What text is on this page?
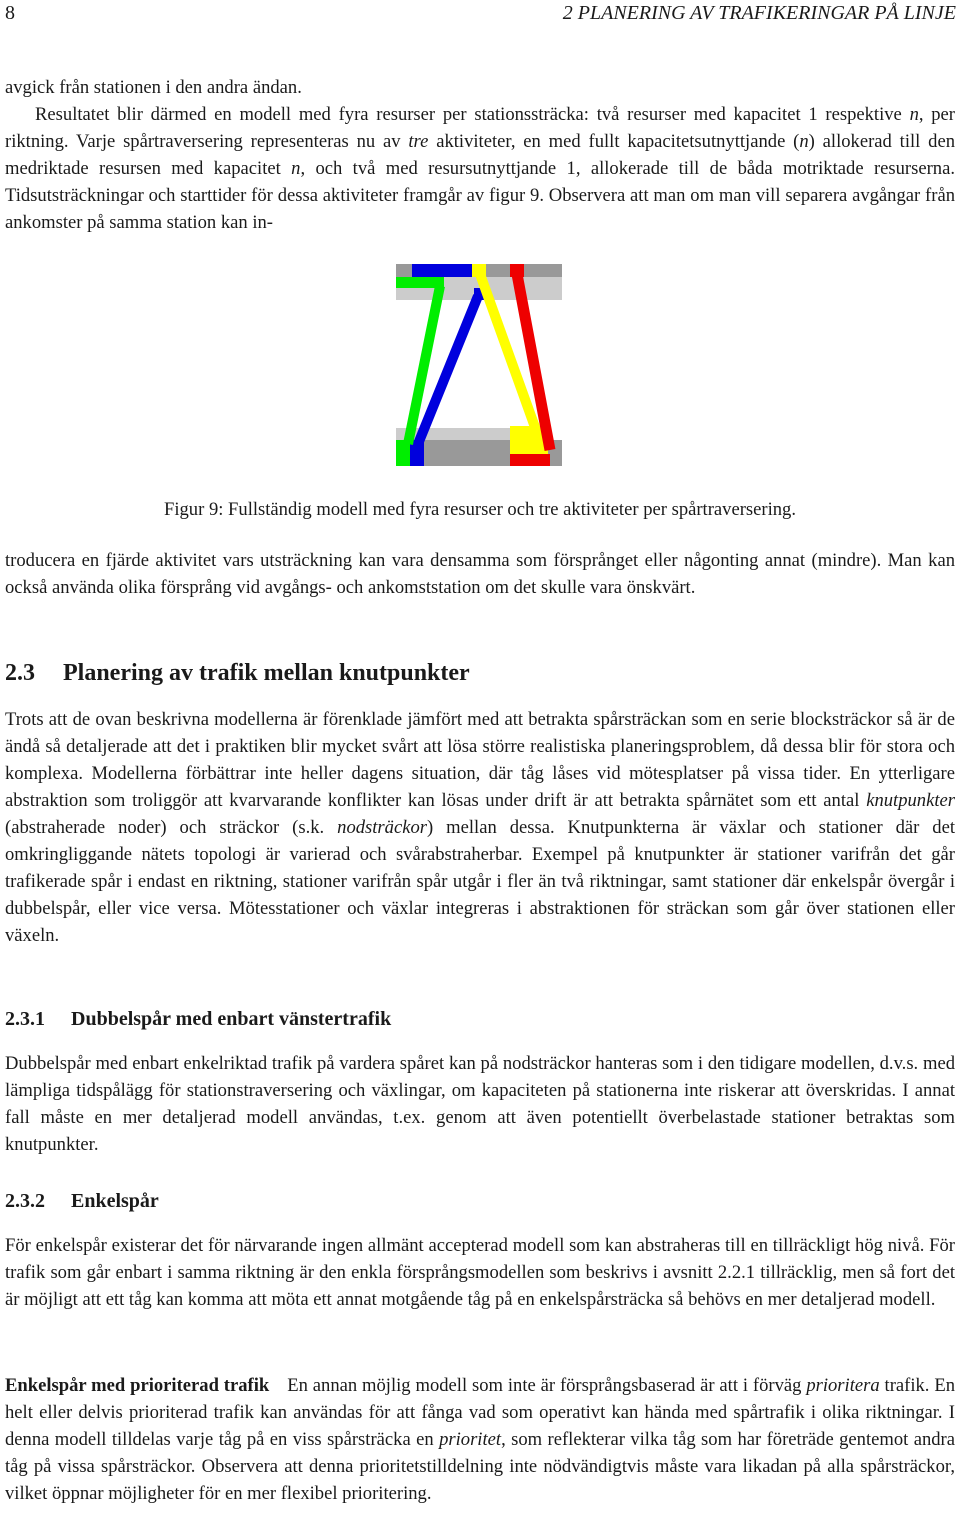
8	2 PLANERING AV TRAFIKERINGAR PÅ LINJE
avgick från stationen i den andra ändan.
Resultatet blir därmed en modell med fyra resurser per stationssträcka: två resurser med kapacitet 1 respektive n, per riktning. Varje spårtraversering representeras nu av tre aktiviteter, en med fullt kapacitetsutnyttjande (n) allokerad till den medriktade resursen med kapacitet n, och två med resursutnyttjande 1, allokerade till de båda motriktade resurserna. Tidsutsträckningar och starttider för dessa aktiviteter framgår av figur 9. Observera att man om man vill separera avgångar från ankomster på samma station kan in-
Figur 9: Fullständig modell med fyra resurser och tre aktiviteter per spårtraversering.
troducera en fjärde aktivitet vars utsträckning kan vara densamma som försprånget eller någonting annat (mindre). Man kan också använda olika försprång vid avgångs- och ankomststation om det skulle vara önskvärt.
2.3 Planering av trafik mellan knutpunkter
Trots att de ovan beskrivna modellerna är förenklade jämfört med att betrakta spårsträckan som en serie blocksträckor så är de ändå så detaljerade att det i praktiken blir mycket svårt att lösa större realistiska planeringsproblem, då dessa blir för stora och komplexa. Modellerna förbättrar inte heller dagens situation, där tåg låses vid mötesplatser på vissa tider. En ytterligare abstraktion som troliggör att kvarvarande konflikter kan lösas under drift är att betrakta spårnätet som ett antal knutpunkter (abstraherade noder) och sträckor (s.k. nodsträckor) mellan dessa. Knutpunkterna är växlar och stationer där det omkringliggande nätets topologi är varierad och svårabstraherbar. Exempel på knutpunkter är stationer varifrån det går trafikerade spår i endast en riktning, stationer varifrån spår utgår i fler än två riktningar, samt stationer där enkelspår övergår i dubbelspår, eller vice versa. Mötesstationer och växlar integreras i abstraktionen för sträckan som går över stationen eller växeln.
2.3.1 Dubbelspår med enbart vänstertrafik
Dubbelspår med enbart enkelriktad trafik på vardera spåret kan på nodsträckor hanteras som i den tidigare modellen, d.v.s. med lämpliga tidspålägg för stationstraversering och växlingar, om kapaciteten på stationerna inte riskerar att överskridas. I annat fall måste en mer detaljerad modell användas, t.ex. genom att även potentiellt överbelastade stationer betraktas som knutpunkter.
2.3.2 Enkelspår
För enkelspår existerar det för närvarande ingen allmänt accepterad modell som kan abstraheras till en tillräckligt hög nivå. För trafik som går enbart i samma riktning är den enkla försprångsmodellen som beskrivs i avsnitt 2.2.1 tillräcklig, men så fort det är möjligt att ett tåg kan komma att möta ett annat motgående tåg på en enkelspårsträcka så behövs en mer detaljerad modell.
Enkelspår med prioriterad trafik En annan möjlig modell som inte är försprångsbaserad är att i förväg prioritera trafik. En helt eller delvis prioriterad trafik kan användas för att fånga vad som operativt kan hända med spårtrafik i olika riktningar. I denna modell tilldelas varje tåg på en viss spårsträcka en prioritet, som reflekterar vilka tåg som har företräde gentemot andra tåg på vissa spårsträckor. Observera att denna prioritetstilldelning inte nödvändigtvis måste vara likadan på alla spårsträckor, vilket öppnar möjligheter för en mer flexibel prioritering.
